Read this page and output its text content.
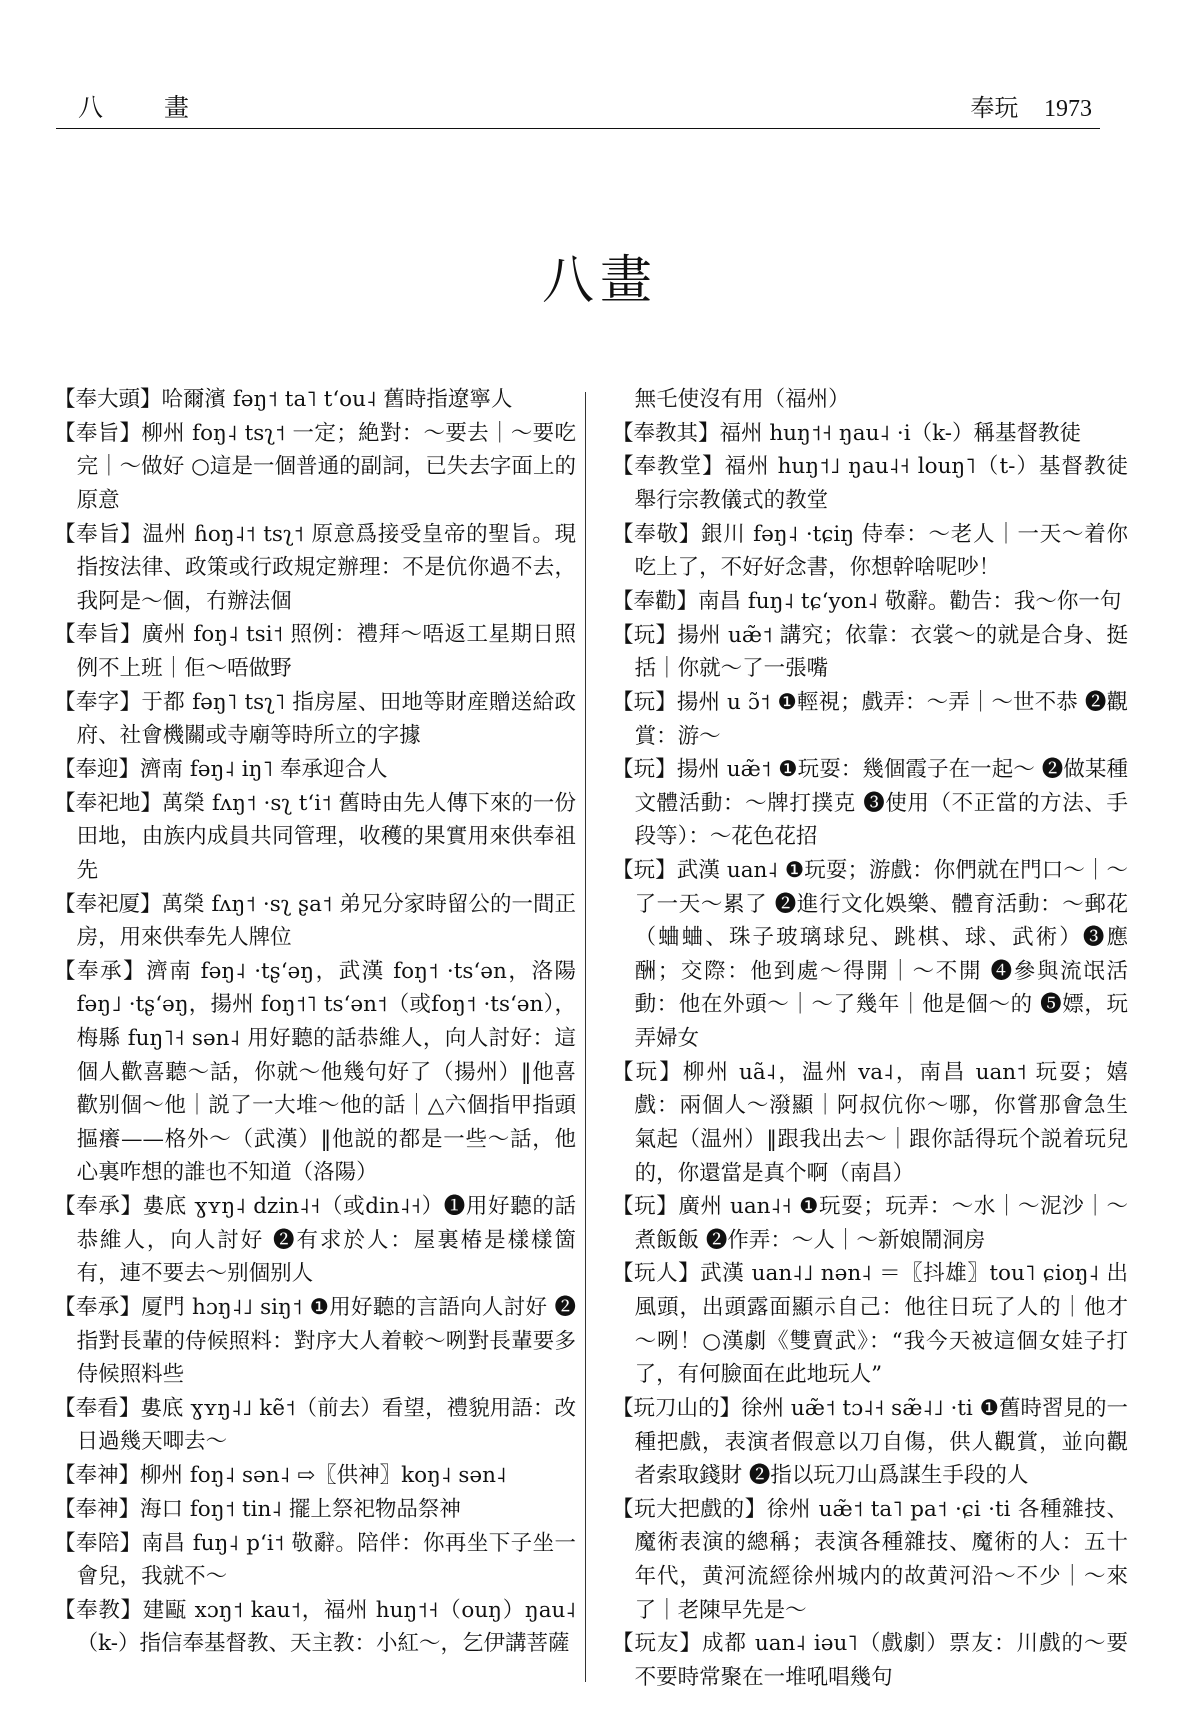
八　畫	奉玩 1973
八畫

【奉大頭】哈爾濱 fəŋ˦ ta˥ tʻou˨ 舊時指遼寧人

【奉旨】柳州 foŋ˨ tsʅ˦ 一定；絶對：～要去｜～要吃完｜～做好 ○這是一個普通的副詞，已失去字面上的原意

【奉旨】温州 ɦoŋ˨˦ tsʅ˦ 原意爲接受皇帝的聖旨。現指按法律、政策或行政規定辦理：不是伉你過不去，我阿是～個，冇辦法個

【奉旨】廣州 foŋ˨ tsi˦ 照例：禮拜～唔返工星期日照例不上班｜佢～唔做野

【奉字】于都 fəŋ˥ tsʅ˥ 指房屋、田地等財産贈送給政府、社會機關或寺廟等時所立的字據

【奉迎】濟南 fəŋ˨ iŋ˥ 奉承迎合人

【奉祀地】萬榮 fʌŋ˦ ·sʅ tʻi˦ 舊時由先人傳下來的一份田地，由族内成員共同管理，收穫的果實用來供奉祖先

【奉祀厦】萬榮 fʌŋ˦ ·sʅ ʂa˦ 弟兄分家時留公的一間正房，用來供奉先人牌位

【奉承】濟南 fəŋ˨ ·tʂʻəŋ，武漢 foŋ˦ ·tsʻən，洛陽 fəŋ˩ ·tʂʻəŋ，揚州 foŋ˦˥ tsʻən˦（或foŋ˦ ·tsʻən），梅縣 fuŋ˥˧ sən˨ 用好聽的話恭維人，向人討好：這個人歡喜聽～話，你就～他幾句好了（揚州）‖他喜歡别個～他｜説了一大堆～他的話｜△六個指甲指頭摳癢——格外～（武漢）‖他説的都是一些～話，他心裏咋想的誰也不知道（洛陽）

【奉承】婁底 ɣʏŋ˨ dzin˨˧（或din˨˧）❶用好聽的話恭維人，向人討好 ❷有求於人：屋裏椿是樣樣箇有，連不要去～别個别人

【奉承】厦門 hɔŋ˨˩ siŋ˦ ❶用好聽的言語向人討好 ❷指對長輩的侍候照料：對序大人着較～咧對長輩要多侍候照料些

【奉看】婁底 ɣʏŋ˨˩ kẽ˦（前去）看望，禮貌用語：改日過幾天唧去～

【奉神】柳州 foŋ˨ sən˨ ⇨〖供神〗koŋ˨ sən˨

【奉神】海口 foŋ˦ tin˨ 擺上祭祀物品祭神

【奉陪】南昌 fuŋ˨ pʻi˦ 敬辭。陪伴：你再坐下子坐一會兒，我就不～

【奉教】建甌 xɔŋ˦ kau˦，福州 huŋ˦˧（ouŋ）ŋau˨（k-）指信奉基督教、天主教：小紅～，乞伊講菩薩

無乇使沒有用（福州）

【奉教其】福州 huŋ˦˧ ŋau˨ ·i（k-）稱基督教徒

【奉教堂】福州 huŋ˦˩ ŋau˨˧ louŋ˥（t-）基督教徒舉行宗教儀式的教堂

【奉敬】銀川 fəŋ˨ ·tɕiŋ 侍奉：～老人｜一天～着你吃上了，不好好念書，你想幹啥呢吵！

【奉勸】南昌 fuŋ˨ tɕʻyon˨ 敬辭。勸告：我～你一句

【玩】揚州 uæ̃˦ 講究；依靠：衣裳～的就是合身、挺括｜你就～了一張嘴

【玩】揚州 u ɔ̃˦ ❶輕視；戲弄：～弄｜～世不恭 ❷觀賞：游～

【玩】揚州 uæ̃˦ ❶玩耍：幾個霞子在一起～ ❷做某種文體活動：～牌打撲克 ❸使用（不正當的方法、手段等）：～花色花招

【玩】武漢 uan˨ ❶玩耍；游戲：你們就在門口～｜～了一天～累了 ❷進行文化娛樂、體育活動：～郵花（蛐蛐、珠子玻璃球兒、跳棋、球、武術）❸應酬；交際：他到處～得開｜～不開 ❹參與流氓活動：他在外頭～｜～了幾年｜他是個～的 ❺嫖，玩弄婦女

【玩】柳州 uã˨，温州 va˨，南昌 uan˦ 玩耍；嬉戲：兩個人～潑顯｜阿叔伉你～哪，你嘗那會急生氣起（温州）‖跟我出去～｜跟你話得玩个説着玩兒的，你還當是真个啊（南昌）

【玩】廣州 uan˨˧ ❶玩耍；玩弄：～水｜～泥沙｜～煮飯飯 ❷作弄：～人｜～新娘鬧洞房

【玩人】武漢 uan˨˩ nən˨ ＝〖抖雄〗tou˥ ɕioŋ˨ 出風頭，出頭露面顯示自己：他往日玩了人的｜他才～咧！○漢劇《雙賣武》：“我今天被這個女娃子打了，有何臉面在此地玩人”

【玩刀山的】徐州 uæ̃˦ tɔ˨˧ sæ̃˨˩ ·ti ❶舊時習見的一種把戲，表演者假意以刀自傷，供人觀賞，並向觀者索取錢財 ❷指以玩刀山爲謀生手段的人

【玩大把戲的】徐州 uæ̃˦ ta˥ pa˦ ·ɕi ·ti 各種雜技、魔術表演的總稱；表演各種雜技、魔術的人：五十年代，黄河流經徐州城内的故黄河沿～不少｜～來了｜老陳早先是～

【玩友】成都 uan˨ iəu˥（戲劇）票友：川戲的～要不要時常聚在一堆吼唱幾句
